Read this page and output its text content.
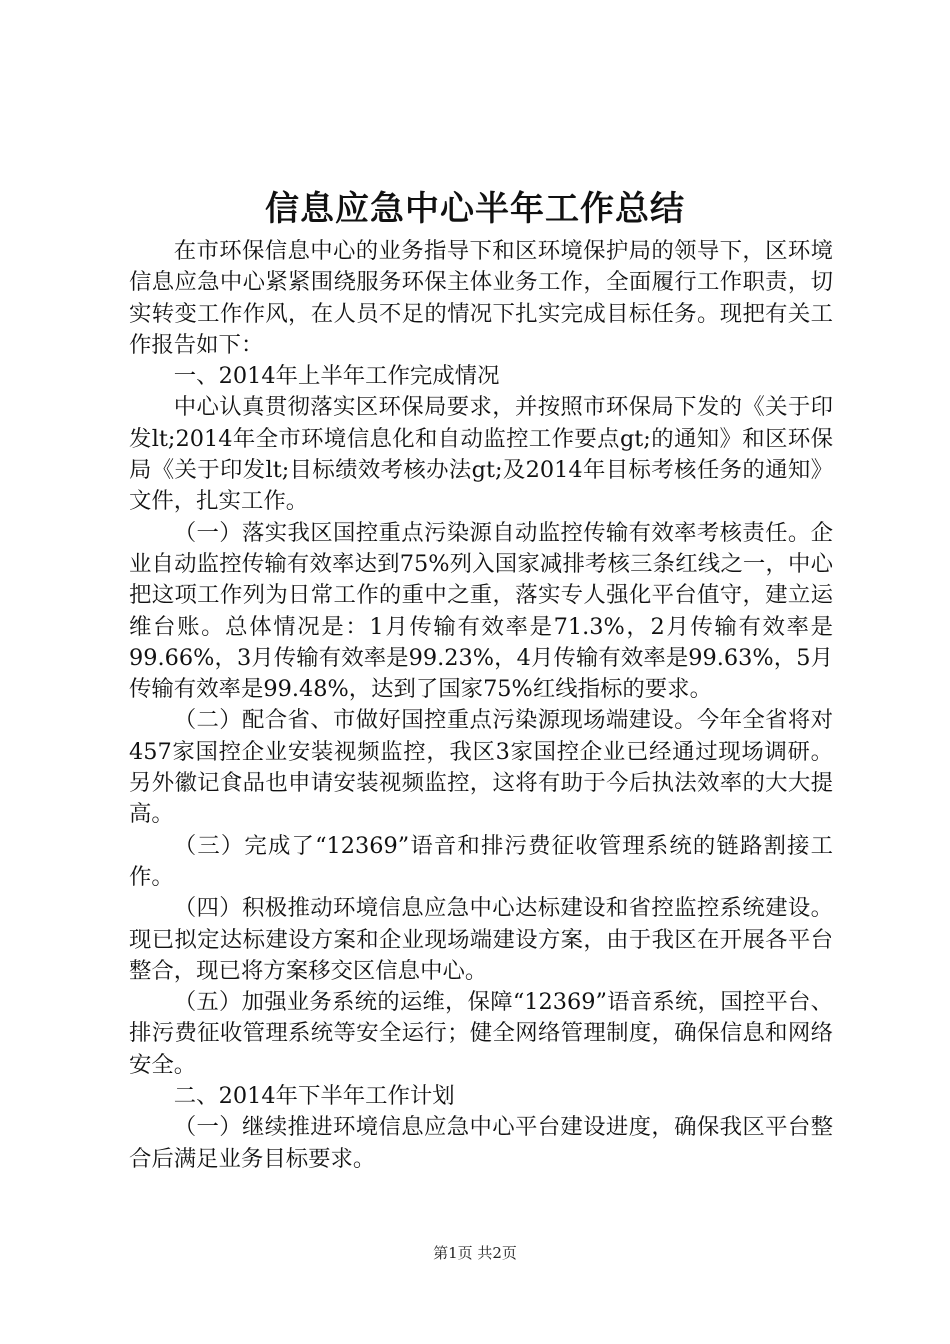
信息应急中心半年工作总结

在市环保信息中心的业务指导下和区环境保护局的领导下，区环境信息应急中心紧紧围绕服务环保主体业务工作，全面履行工作职责，切实转变工作作风，在人员不足的情况下扎实完成目标任务。现把有关工作报告如下：

一、2014年上半年工作完成情况

中心认真贯彻落实区环保局要求，并按照市环保局下发的《关于印发lt;2014年全市环境信息化和自动监控工作要点gt;的通知》和区环保局《关于印发lt;目标绩效考核办法gt;及2014年目标考核任务的通知》文件，扎实工作。

（一）落实我区国控重点污染源自动监控传输有效率考核责任。企业自动监控传输有效率达到75%列入国家减排考核三条红线之一，中心把这项工作列为日常工作的重中之重，落实专人强化平台值守，建立运维台账。总体情况是：1月传输有效率是71.3%，2月传输有效率是99.66%，3月传输有效率是99.23%，4月传输有效率是99.63%，5月传输有效率是99.48%，达到了国家75%红线指标的要求。

（二）配合省、市做好国控重点污染源现场端建设。今年全省将对457家国控企业安装视频监控，我区3家国控企业已经通过现场调研。另外徽记食品也申请安装视频监控，这将有助于今后执法效率的大大提高。

（三）完成了“12369”语音和排污费征收管理系统的链路割接工作。

（四）积极推动环境信息应急中心达标建设和省控监控系统建设。现已拟定达标建设方案和企业现场端建设方案，由于我区在开展各平台整合，现已将方案移交区信息中心。

（五）加强业务系统的运维，保障“12369”语音系统，国控平台、排污费征收管理系统等安全运行；健全网络管理制度，确保信息和网络安全。

二、2014年下半年工作计划

（一）继续推进环境信息应急中心平台建设进度，确保我区平台整合后满足业务目标要求。

第1页 共2页
